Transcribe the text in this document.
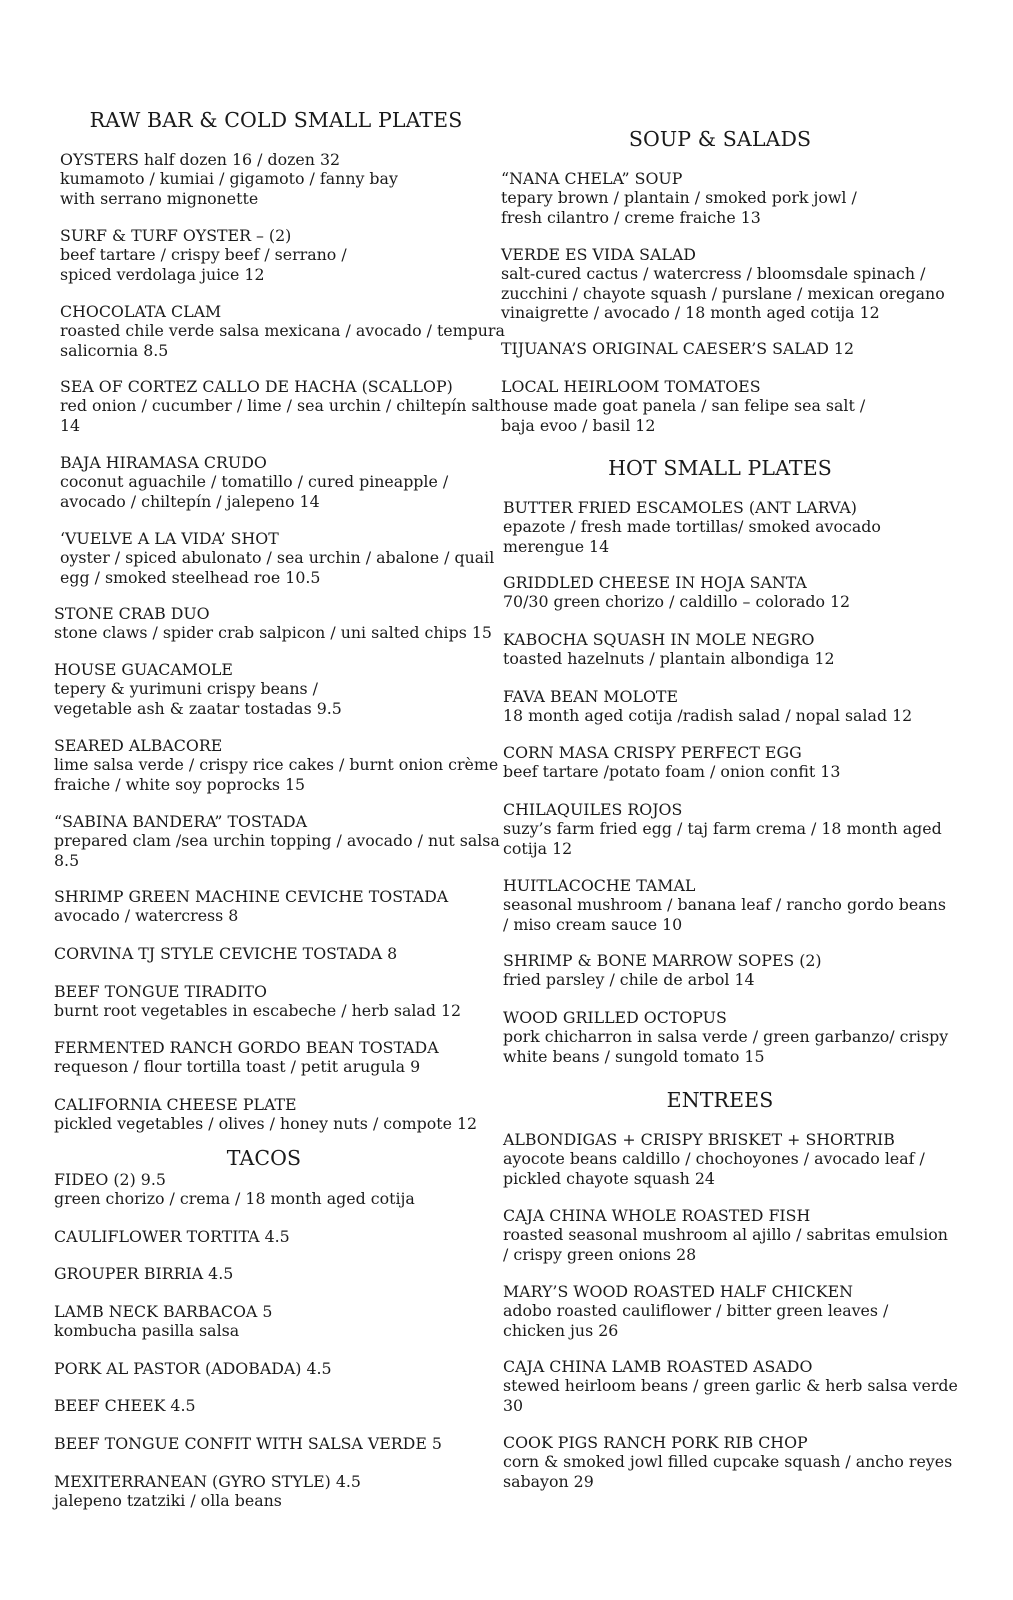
RAW BAR & COLD SMALL PLATES
TACOS
SOUP & SALADS
HOT SMALL PLATES
ENTREES
OYSTERS half dozen 16 / dozen 32
kumamoto / kumiai / gigamoto / fanny bay
with serrano mignonette
SURF & TURF OYSTER – (2)
beef tartare / crispy beef / serrano /
spiced verdolaga juice 12
CHOCOLATA CLAM
roasted chile verde salsa mexicana / avocado / tempura
salicornia 8.5
SEA OF CORTEZ CALLO DE HACHA (SCALLOP)
red onion / cucumber / lime / sea urchin / chiltepín salt
14
BAJA HIRAMASA CRUDO
coconut aguachile / tomatillo / cured pineapple /
avocado / chiltepín / jalepeno 14
‘VUELVE A LA VIDA’ SHOT
oyster / spiced abulonato / sea urchin / abalone / quail
egg / smoked steelhead roe 10.5
STONE CRAB DUO
stone claws / spider crab salpicon / uni salted chips 15
HOUSE GUACAMOLE
tepery & yurimuni crispy beans /
vegetable ash & zaatar tostadas 9.5
SEARED ALBACORE
lime salsa verde / crispy rice cakes / burnt onion crème
fraiche / white soy poprocks 15
“SABINA BANDERA” TOSTADA
prepared clam /sea urchin topping / avocado / nut salsa
8.5
SHRIMP GREEN MACHINE CEVICHE TOSTADA
avocado / watercress 8
CORVINA TJ STYLE CEVICHE TOSTADA 8
BEEF TONGUE TIRADITO
burnt root vegetables in escabeche / herb salad 12
FERMENTED RANCH GORDO BEAN TOSTADA
requeson / flour tortilla toast / petit arugula 9
CALIFORNIA CHEESE PLATE
pickled vegetables / olives / honey nuts / compote 12
FIDEO (2) 9.5
green chorizo / crema / 18 month aged cotija
CAULIFLOWER TORTITA 4.5
GROUPER BIRRIA 4.5
LAMB NECK BARBACOA 5
kombucha pasilla salsa
PORK AL PASTOR (ADOBADA) 4.5
BEEF CHEEK 4.5
BEEF TONGUE CONFIT WITH SALSA VERDE 5
MEXITERRANEAN (GYRO STYLE) 4.5
jalepeno tzatziki / olla beans
“NANA CHELA” SOUP
tepary brown / plantain / smoked pork jowl /
fresh cilantro / creme fraiche 13
VERDE ES VIDA SALAD
salt-cured cactus / watercress / bloomsdale spinach /
zucchini / chayote squash / purslane / mexican oregano
vinaigrette / avocado / 18 month aged cotija 12
TIJUANA’S ORIGINAL CAESER’S SALAD 12
LOCAL HEIRLOOM TOMATOES
house made goat panela / san felipe sea salt /
baja evoo / basil 12
BUTTER FRIED ESCAMOLES (ANT LARVA)
epazote / fresh made tortillas/ smoked avocado
merengue 14
GRIDDLED CHEESE IN HOJA SANTA
70/30 green chorizo / caldillo – colorado 12
KABOCHA SQUASH IN MOLE NEGRO
toasted hazelnuts / plantain albondiga 12
FAVA BEAN MOLOTE
18 month aged cotija /radish salad / nopal salad 12
CORN MASA CRISPY PERFECT EGG
beef tartare /potato foam / onion confit 13
CHILAQUILES ROJOS
suzy’s farm fried egg / taj farm crema / 18 month aged
cotija 12
HUITLACOCHE TAMAL
seasonal mushroom / banana leaf / rancho gordo beans
/ miso cream sauce 10
SHRIMP & BONE MARROW SOPES (2)
fried parsley / chile de arbol 14
WOOD GRILLED OCTOPUS
pork chicharron in salsa verde / green garbanzo/ crispy
white beans / sungold tomato 15
ALBONDIGAS + CRISPY BRISKET + SHORTRIB
ayocote beans caldillo / chochoyones / avocado leaf /
pickled chayote squash 24
CAJA CHINA WHOLE ROASTED FISH
roasted seasonal mushroom al ajillo / sabritas emulsion
/ crispy green onions 28
MARY’S WOOD ROASTED HALF CHICKEN
adobo roasted cauliflower / bitter green leaves /
chicken jus 26
CAJA CHINA LAMB ROASTED ASADO
stewed heirloom beans / green garlic & herb salsa verde
30
COOK PIGS RANCH PORK RIB CHOP
corn & smoked jowl filled cupcake squash / ancho reyes
sabayon 29
